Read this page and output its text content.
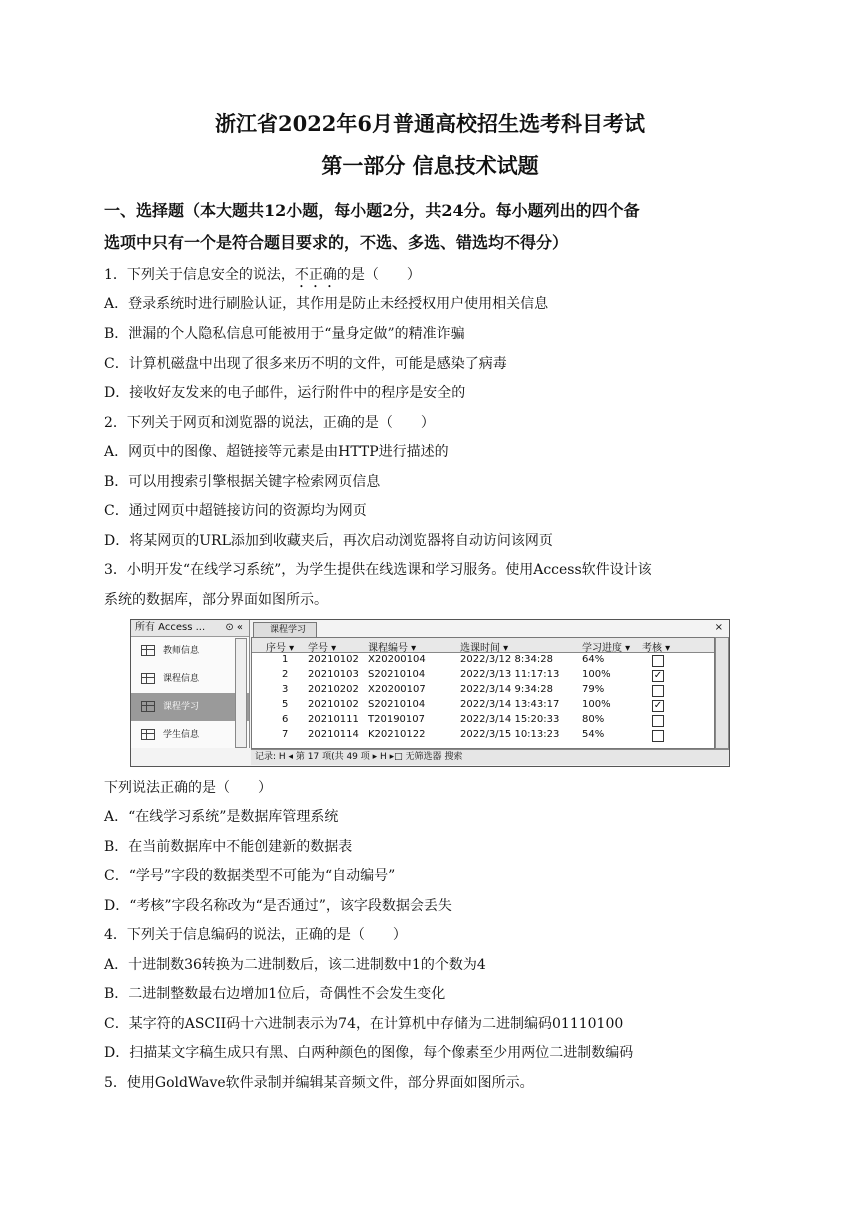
浙江省2022年6月普通高校招生选考科目考试
第一部分 信息技术试题
一、选择题（本大题共12小题，每小题2分，共24分。每小题列出的四个备
选项中只有一个是符合题目要求的，不选、多选、错选均不得分）
1．下列关于信息安全的说法，不正确的是（　　）
A．登录系统时进行刷脸认证，其作用是防止未经授权用户使用相关信息
B．泄漏的个人隐私信息可能被用于“量身定做”的精准诈骗
C．计算机磁盘中出现了很多来历不明的文件，可能是感染了病毒
D．接收好友发来的电子邮件，运行附件中的程序是安全的
2．下列关于网页和浏览器的说法，正确的是（　　）
A．网页中的图像、超链接等元素是由HTTP进行描述的
B．可以用搜索引擎根据关键字检索网页信息
C．通过网页中超链接访问的资源均为网页
D．将某网页的URL添加到收藏夹后，再次启动浏览器将自动访问该网页
3．小明开发“在线学习系统”，为学生提供在线选课和学习服务。使用Access软件设计该
系统的数据库，部分界面如图所示。
所有 Access ... ⊙ «
教师信息
课程信息
课程学习
学生信息
课程学习	×
序号 ▾ 学号 ▾	课程编号 ▾	选课时间 ▾	学习进度 ▾ 考核 ▾
1 20210102 X20200104	2022/3/12 8:34:28	64%
2 20210103 S20210104	2022/3/13 11:17:13 100%	✓
3 20210202 X20200107	2022/3/14 9:34:28	79%
5 20210102 S20210104	2022/3/14 13:43:17 100%	✓
6 20210111 T20190107	2022/3/14 15:20:33 80%
7 20210114 K20210122	2022/3/15 10:13:23 54%
记录: H ◂ 第 17 项(共 49 项 ▸ H ▸□ 无筛选器 搜索
下列说法正确的是（　　）
A．“在线学习系统”是数据库管理系统
B．在当前数据库中不能创建新的数据表
C．“学号”字段的数据类型不可能为“自动编号”
D．“考核”字段名称改为“是否通过”，该字段数据会丢失
4．下列关于信息编码的说法，正确的是（　　）
A．十进制数36转换为二进制数后，该二进制数中1的个数为4
B．二进制整数最右边增加1位后，奇偶性不会发生变化
C．某字符的ASCII码十六进制表示为74，在计算机中存储为二进制编码01110100
D．扫描某文字稿生成只有黑、白两种颜色的图像，每个像素至少用两位二进制数编码
5．使用GoldWave软件录制并编辑某音频文件，部分界面如图所示。
